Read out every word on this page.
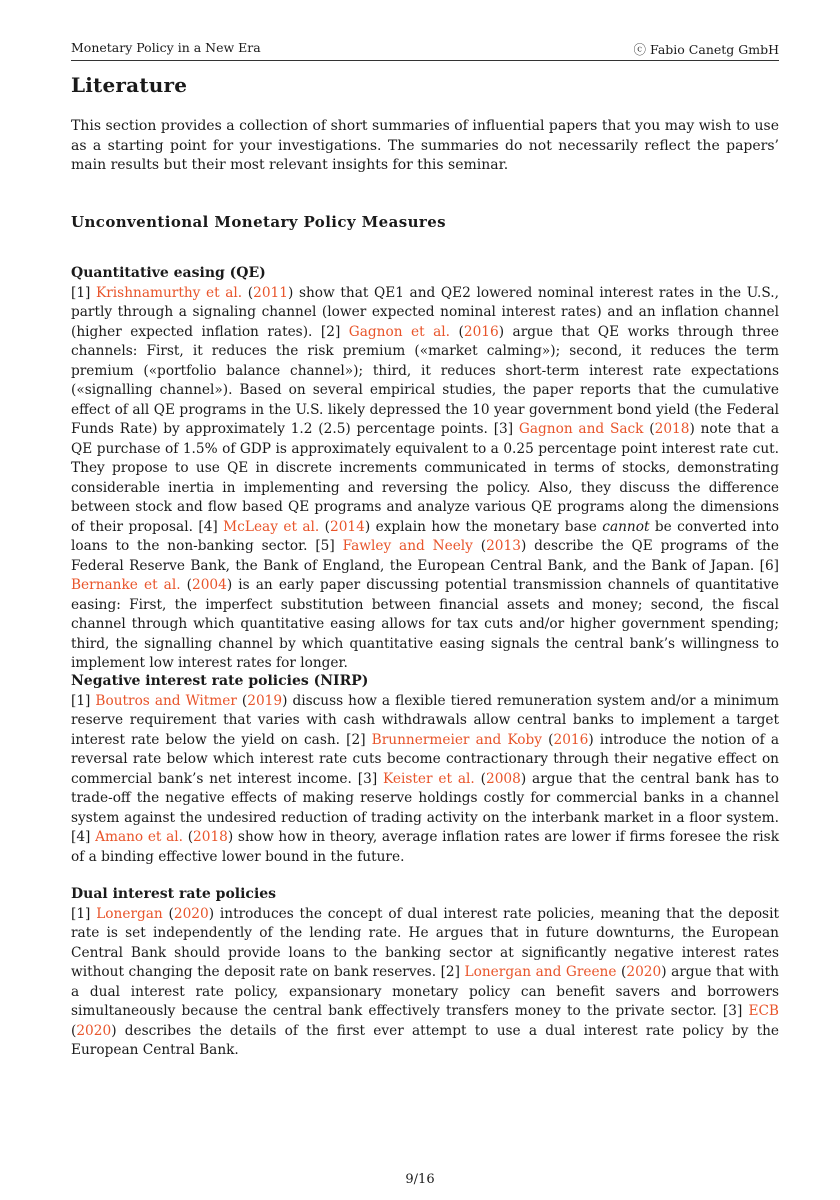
Monetary Policy in a New Era	ⓒ Fabio Canetg GmbH
Literature
This section provides a collection of short summaries of influential papers that you may wish to use as a starting point for your investigations. The summaries do not necessarily reflect the papers’ main results but their most relevant insights for this seminar.
Unconventional Monetary Policy Measures
Quantitative easing (QE)

[1] Krishnamurthy et al. (2011) show that QE1 and QE2 lowered nominal interest rates in the U.S., partly through a signaling channel (lower expected nominal interest rates) and an inflation channel (higher expected inflation rates). [2] Gagnon et al. (2016) argue that QE works through three channels: First, it reduces the risk premium («market calming»); second, it reduces the term premium («portfolio balance channel»); third, it reduces short-term interest rate expectations («signalling channel»). Based on several empirical studies, the paper reports that the cumulative effect of all QE programs in the U.S. likely depressed the 10 year government bond yield (the Federal Funds Rate) by approximately 1.2 (2.5) percentage points. [3] Gagnon and Sack (2018) note that a QE purchase of 1.5% of GDP is approximately equivalent to a 0.25 percentage point interest rate cut. They propose to use QE in discrete increments communicated in terms of stocks, demonstrating considerable inertia in implementing and reversing the policy. Also, they discuss the difference between stock and flow based QE programs and analyze various QE programs along the dimensions of their proposal. [4] McLeay et al. (2014) explain how the monetary base cannot be converted into loans to the non-banking sector. [5] Fawley and Neely (2013) describe the QE programs of the Federal Reserve Bank, the Bank of England, the European Central Bank, and the Bank of Japan. [6] Bernanke et al. (2004) is an early paper discussing potential transmission channels of quantitative easing: First, the imperfect substitution between financial assets and money; second, the fiscal channel through which quantitative easing allows for tax cuts and/or higher government spending; third, the signalling channel by which quantitative easing signals the central bank’s willingness to implement low interest rates for longer.

Negative interest rate policies (NIRP)

[1] Boutros and Witmer (2019) discuss how a flexible tiered remuneration system and/or a minimum reserve requirement that varies with cash withdrawals allow central banks to implement a target interest rate below the yield on cash. [2] Brunnermeier and Koby (2016) introduce the notion of a reversal rate below which interest rate cuts become contractionary through their negative effect on commercial bank’s net interest income. [3] Keister et al. (2008) argue that the central bank has to trade-off the negative effects of making reserve holdings costly for commercial banks in a channel system against the undesired reduction of trading activity on the interbank market in a floor system. [4] Amano et al. (2018) show how in theory, average inflation rates are lower if firms foresee the risk of a binding effective lower bound in the future.

Dual interest rate policies

[1] Lonergan (2020) introduces the concept of dual interest rate policies, meaning that the deposit rate is set independently of the lending rate. He argues that in future downturns, the European Central Bank should provide loans to the banking sector at significantly negative interest rates without changing the deposit rate on bank reserves. [2] Lonergan and Greene (2020) argue that with a dual interest rate policy, expansionary monetary policy can benefit savers and borrowers simultaneously because the central bank effectively transfers money to the private sector. [3] ECB (2020) describes the details of the first ever attempt to use a dual interest rate policy by the European Central Bank.

9/16
